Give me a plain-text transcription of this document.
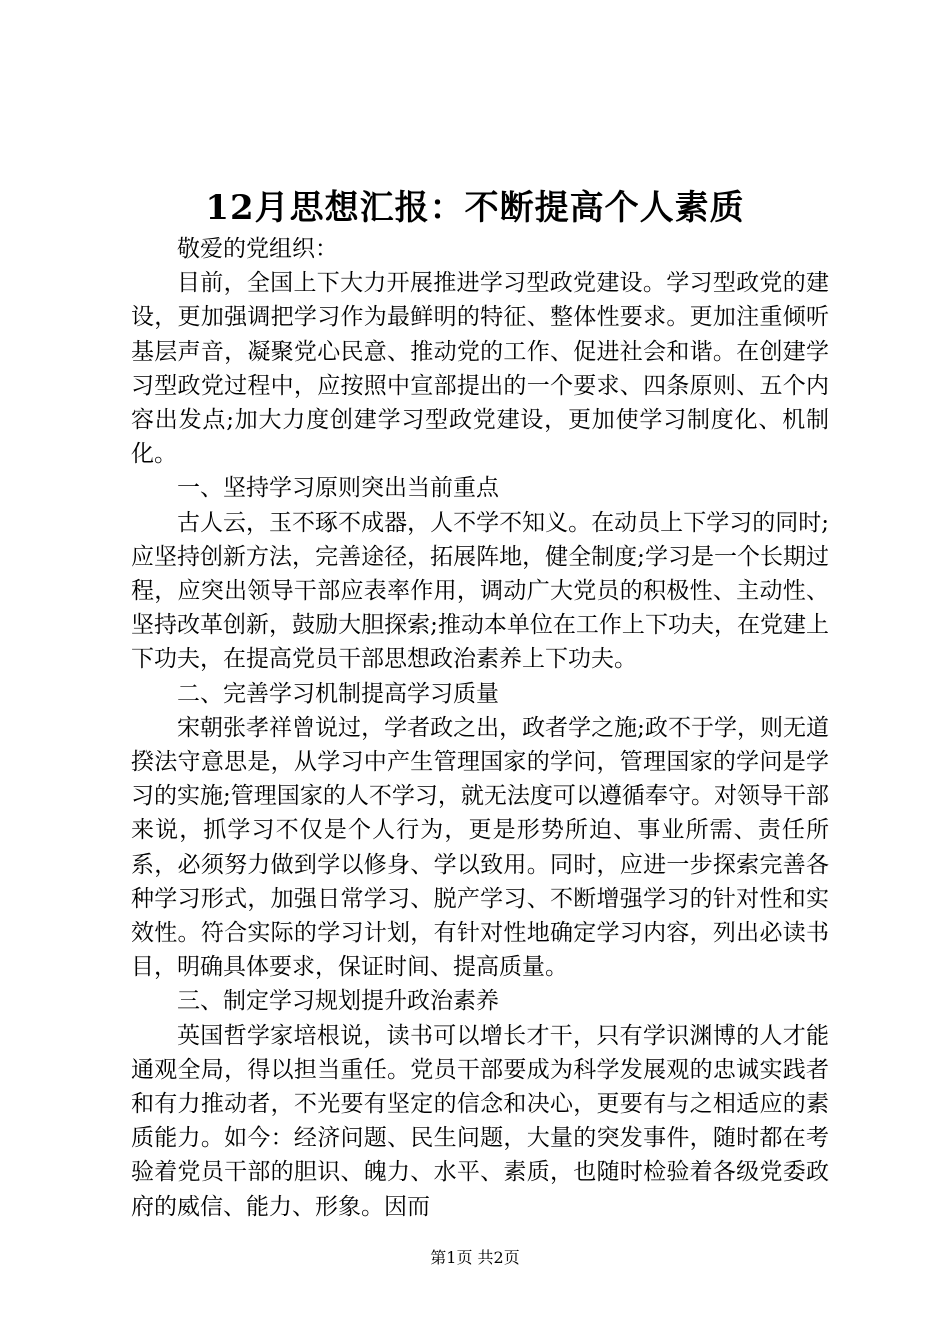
12月思想汇报：不断提高个人素质

敬爱的党组织：

目前，全国上下大力开展推进学习型政党建设。学习型政党的建设，更加强调把学习作为最鲜明的特征、整体性要求。更加注重倾听基层声音，凝聚党心民意、推动党的工作、促进社会和谐。在创建学习型政党过程中，应按照中宣部提出的一个要求、四条原则、五个内容出发点;加大力度创建学习型政党建设，更加使学习制度化、机制化。

一、坚持学习原则突出当前重点

古人云，玉不琢不成器，人不学不知义。在动员上下学习的同时;应坚持创新方法，完善途径，拓展阵地，健全制度;学习是一个长期过程，应突出领导干部应表率作用，调动广大党员的积极性、主动性、坚持改革创新，鼓励大胆探索;推动本单位在工作上下功夫，在党建上下功夫，在提高党员干部思想政治素养上下功夫。

二、完善学习机制提高学习质量

宋朝张孝祥曾说过，学者政之出，政者学之施;政不于学，则无道揆法守意思是，从学习中产生管理国家的学问，管理国家的学问是学习的实施;管理国家的人不学习，就无法度可以遵循奉守。对领导干部来说，抓学习不仅是个人行为，更是形势所迫、事业所需、责任所系，必须努力做到学以修身、学以致用。同时，应进一步探索完善各种学习形式，加强日常学习、脱产学习、不断增强学习的针对性和实效性。符合实际的学习计划，有针对性地确定学习内容，列出必读书目，明确具体要求，保证时间、提高质量。

三、制定学习规划提升政治素养

英国哲学家培根说，读书可以增长才干，只有学识渊博的人才能通观全局，得以担当重任。党员干部要成为科学发展观的忠诚实践者和有力推动者，不光要有坚定的信念和决心，更要有与之相适应的素质能力。如今：经济问题、民生问题，大量的突发事件，随时都在考验着党员干部的胆识、魄力、水平、素质，也随时检验着各级党委政府的威信、能力、形象。因而

第1页 共2页
